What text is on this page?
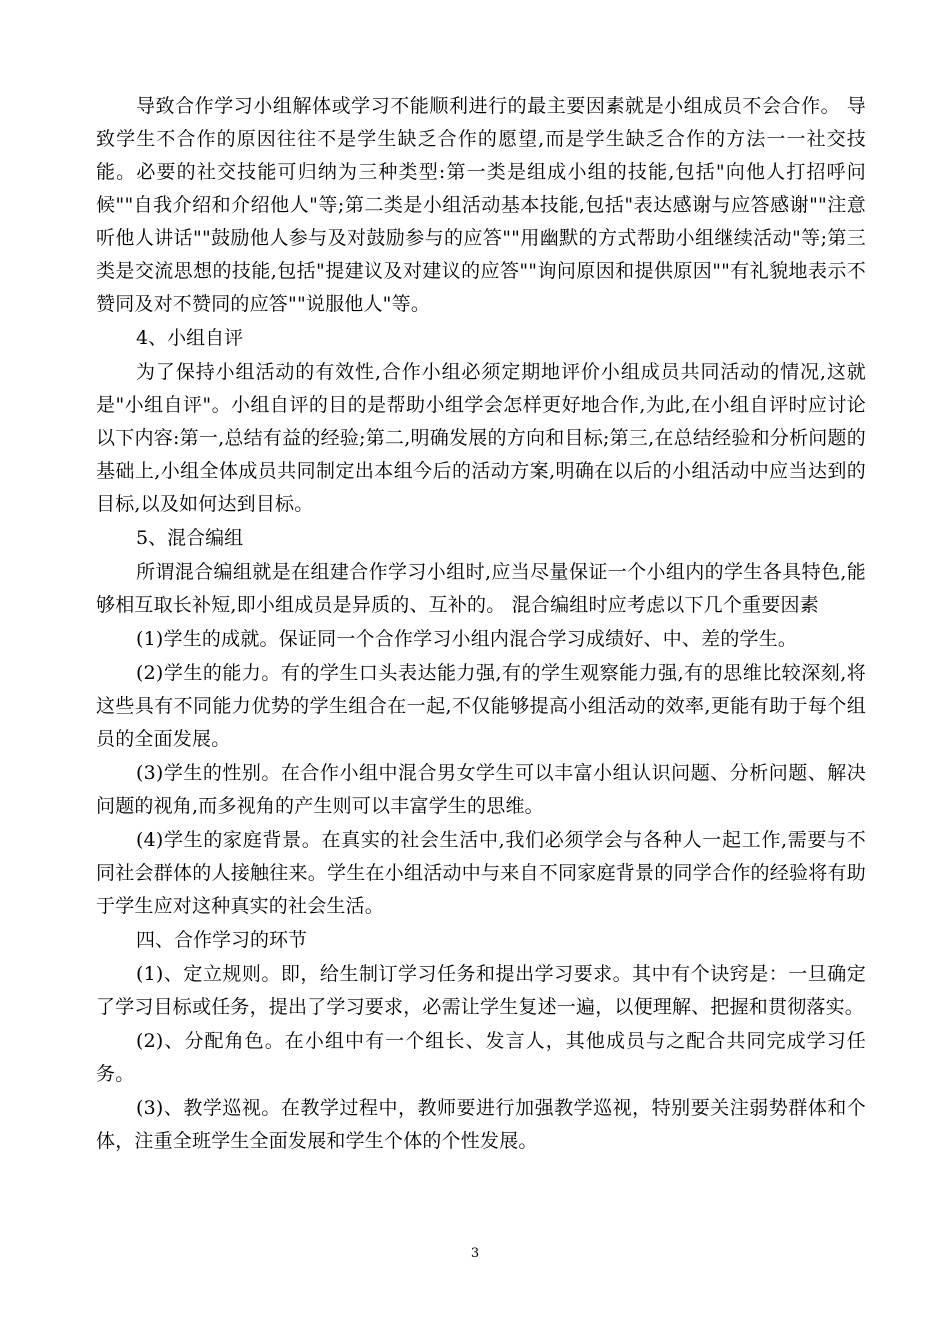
导致合作学习小组解体或学习不能顺利进行的最主要因素就是小组成员不会合作。 导致学生不合作的原因往往不是学生缺乏合作的愿望,而是学生缺乏合作的方法一一社交技能。必要的社交技能可归纳为三种类型:第一类是组成小组的技能,包括"向他人打招呼问候""自我介绍和介绍他人"等;第二类是小组活动基本技能,包括"表达感谢与应答感谢""注意听他人讲话""鼓励他人参与及对鼓励参与的应答""用幽默的方式帮助小组继续活动"等;第三类是交流思想的技能,包括"提建议及对建议的应答""询问原因和提供原因""有礼貌地表示不赞同及对不赞同的应答""说服他人"等。

4、小组自评

为了保持小组活动的有效性,合作小组必须定期地评价小组成员共同活动的情况,这就是"小组自评"。小组自评的目的是帮助小组学会怎样更好地合作,为此,在小组自评时应讨论以下内容:第一,总结有益的经验;第二,明确发展的方向和目标;第三,在总结经验和分析问题的基础上,小组全体成员共同制定出本组今后的活动方案,明确在以后的小组活动中应当达到的目标,以及如何达到目标。

5、混合编组

所谓混合编组就是在组建合作学习小组时,应当尽量保证一个小组内的学生各具特色,能够相互取长补短,即小组成员是异质的、互补的。 混合编组时应考虑以下几个重要因素

(1)学生的成就。保证同一个合作学习小组内混合学习成绩好、中、差的学生。

(2)学生的能力。有的学生口头表达能力强,有的学生观察能力强,有的思维比较深刻,将这些具有不同能力优势的学生组合在一起,不仅能够提高小组活动的效率,更能有助于每个组员的全面发展。

(3)学生的性别。在合作小组中混合男女学生可以丰富小组认识问题、分析问题、解决问题的视角,而多视角的产生则可以丰富学生的思维。

(4)学生的家庭背景。在真实的社会生活中,我们必须学会与各种人一起工作,需要与不同社会群体的人接触往来。学生在小组活动中与来自不同家庭背景的同学合作的经验将有助于学生应对这种真实的社会生活。

四、合作学习的环节

(1)、定立规则。即，给生制订学习任务和提出学习要求。其中有个诀窍是：一旦确定了学习目标或任务，提出了学习要求，必需让学生复述一遍，以便理解、把握和贯彻落实。

(2)、分配角色。在小组中有一个组长、发言人，其他成员与之配合共同完成学习任务。

(3)、教学巡视。在教学过程中，教师要进行加强教学巡视，特别要关注弱势群体和个体，注重全班学生全面发展和学生个体的个性发展。

3
